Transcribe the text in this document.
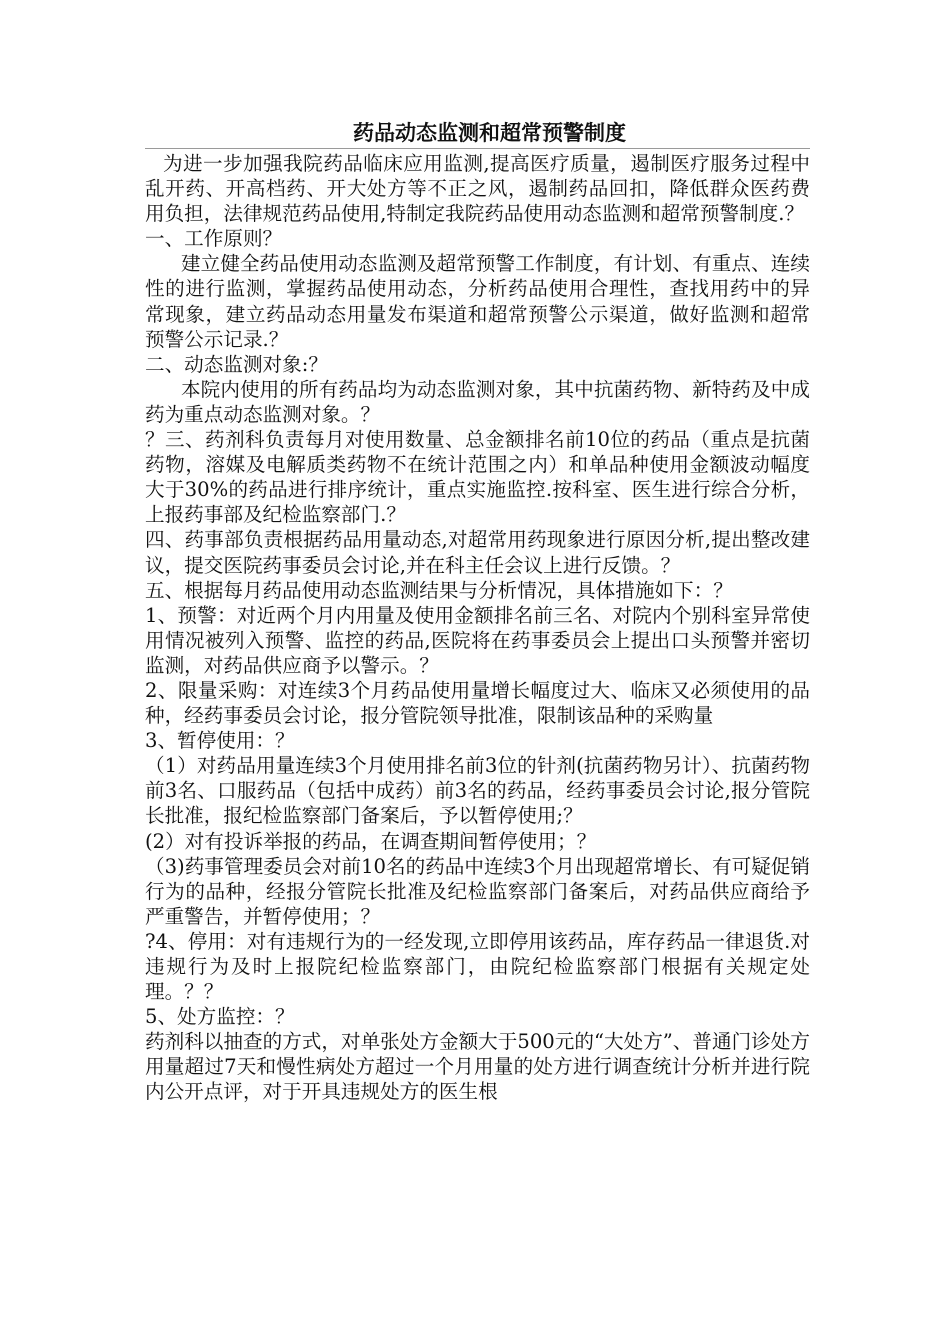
药品动态监测和超常预警制度

为进一步加强我院药品临床应用监测,提高医疗质量，遏制医疗服务过程中乱开药、开高档药、开大处方等不正之风，遏制药品回扣，降低群众医药费用负担，法律规范药品使用,特制定我院药品使用动态监测和超常预警制度.？

一、工作原则？

建立健全药品使用动态监测及超常预警工作制度，有计划、有重点、连续性的进行监测，掌握药品使用动态，分析药品使用合理性，查找用药中的异常现象，建立药品动态用量发布渠道和超常预警公示渠道，做好监测和超常预警公示记录.？

二、动态监测对象:？

本院内使用的所有药品均为动态监测对象，其中抗菌药物、新特药及中成药为重点动态监测对象。？

？三、药剂科负责每月对使用数量、总金额排名前10位的药品（重点是抗菌药物，溶媒及电解质类药物不在统计范围之内）和单品种使用金额波动幅度大于30%的药品进行排序统计，重点实施监控.按科室、医生进行综合分析，上报药事部及纪检监察部门.？

四、药事部负责根据药品用量动态,对超常用药现象进行原因分析,提出整改建议，提交医院药事委员会讨论,并在科主任会议上进行反馈。？

五、根据每月药品使用动态监测结果与分析情况，具体措施如下：？

1、预警：对近两个月内用量及使用金额排名前三名、对院内个别科室异常使用情况被列入预警、监控的药品,医院将在药事委员会上提出口头预警并密切监测，对药品供应商予以警示。？

2、限量采购：对连续3个月药品使用量增长幅度过大、临床又必须使用的品种，经药事委员会讨论，报分管院领导批准，限制该品种的采购量

3、暂停使用：？

（1）对药品用量连续3个月使用排名前3位的针剂(抗菌药物另计）、抗菌药物前3名、口服药品（包括中成药）前3名的药品，经药事委员会讨论,报分管院长批准，报纪检监察部门备案后，予以暂停使用;？

(2）对有投诉举报的药品，在调查期间暂停使用；？

（3)药事管理委员会对前10名的药品中连续3个月出现超常增长、有可疑促销行为的品种，经报分管院长批准及纪检监察部门备案后，对药品供应商给予严重警告，并暂停使用；？

?4、停用：对有违规行为的一经发现,立即停用该药品，库存药品一律退货.对违规行为及时上报院纪检监察部门，由院纪检监察部门根据有关规定处理。？？

5、处方监控：？

药剂科以抽查的方式，对单张处方金额大于500元的“大处方”、普通门诊处方用量超过7天和慢性病处方超过一个月用量的处方进行调查统计分析并进行院内公开点评，对于开具违规处方的医生根
